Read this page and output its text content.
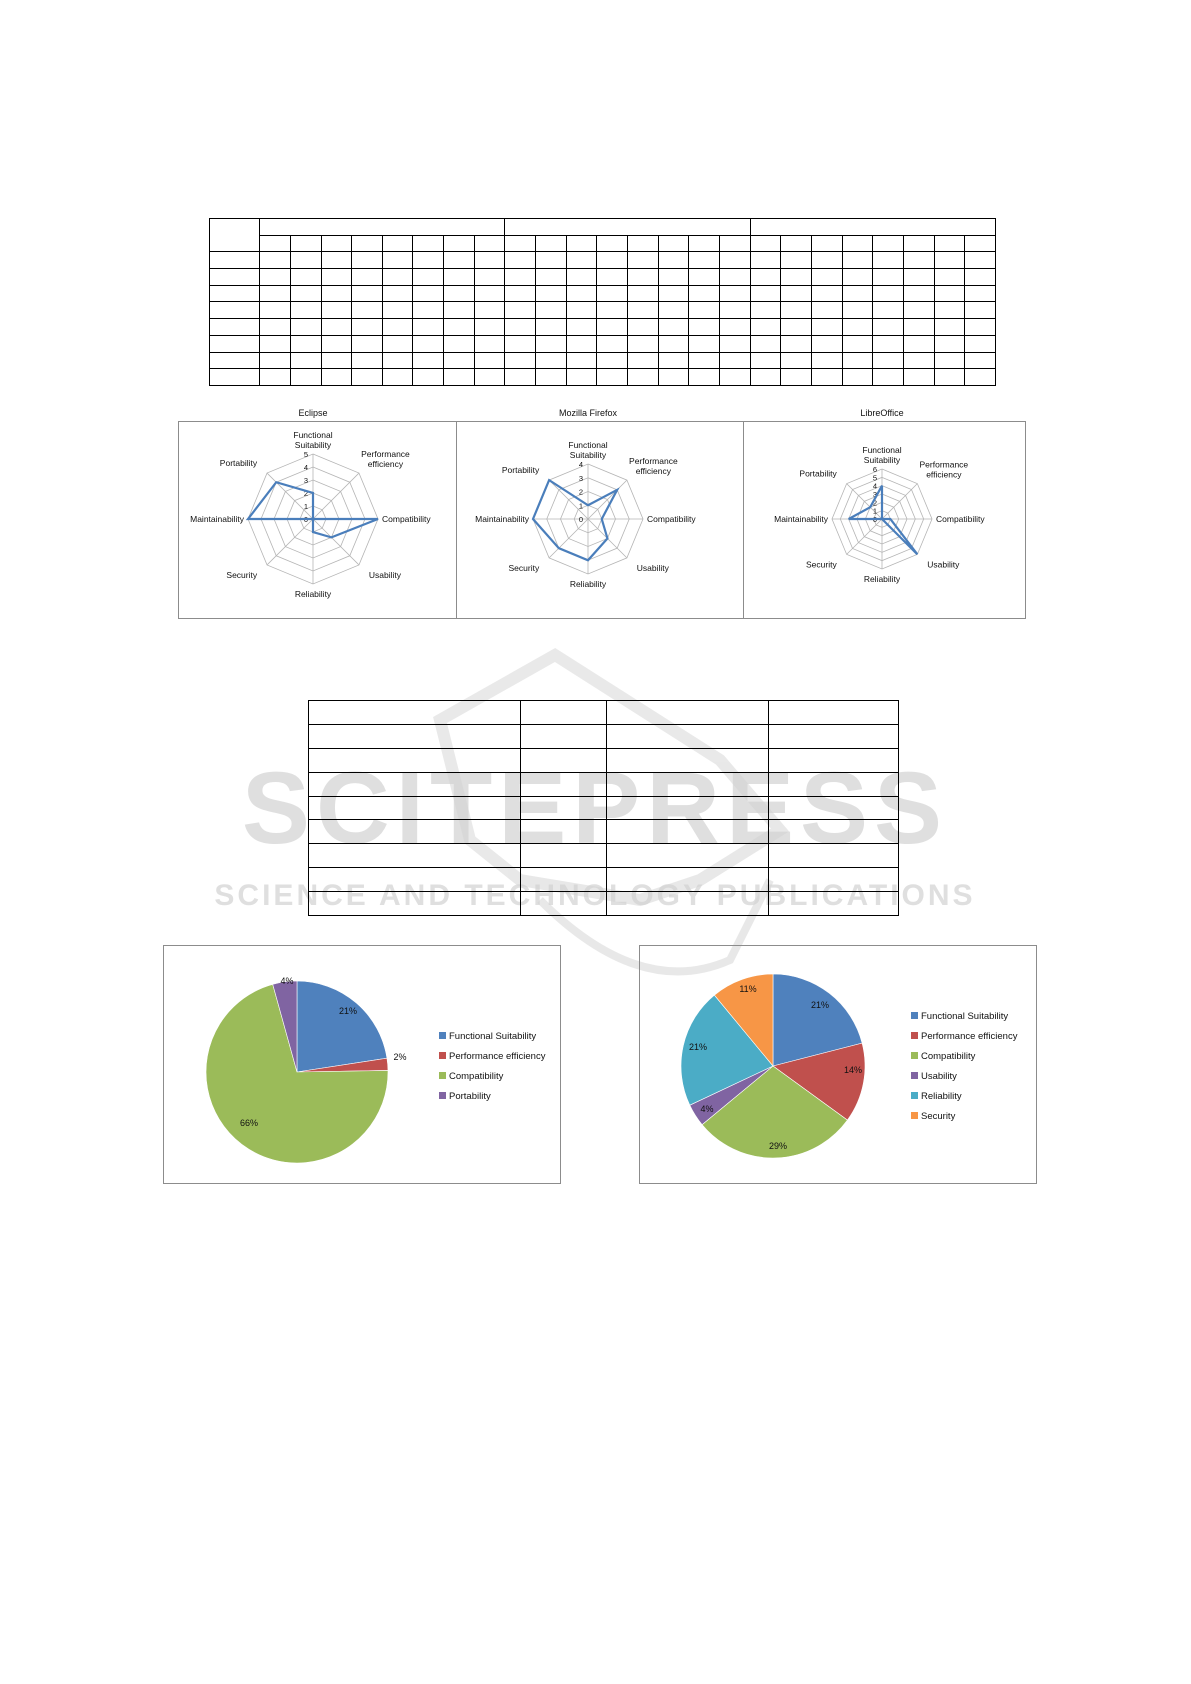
SCITEPRESS
SCIENCE AND TECHNOLOGY PUBLICATIONS

Eclipse
0
1
2
3
4
5
Functional Suitability
Performance efficiency
Compatibility
Usability
Reliability
Security
Maintainability
Portability
Mozilla Firefox
0
1
2
3
4
Functional Suitability
Performance efficiency
Compatibility
Usability
Reliability
Security
Maintainability
Portability
LibreOffice
0
1
2
3
4
5
6
Functional Suitability Performance efficiency
Compatibility
Usability
Reliability
Security
Maintainability
Portability

21%
2%
66%
4%
Functional Suitability
Performance efficiency
Compatibility
Portability
21%
14%
29%
4%
21%
11%
Functional Suitability
Performance efficiency
Compatibility
Usability
Reliability
Security
